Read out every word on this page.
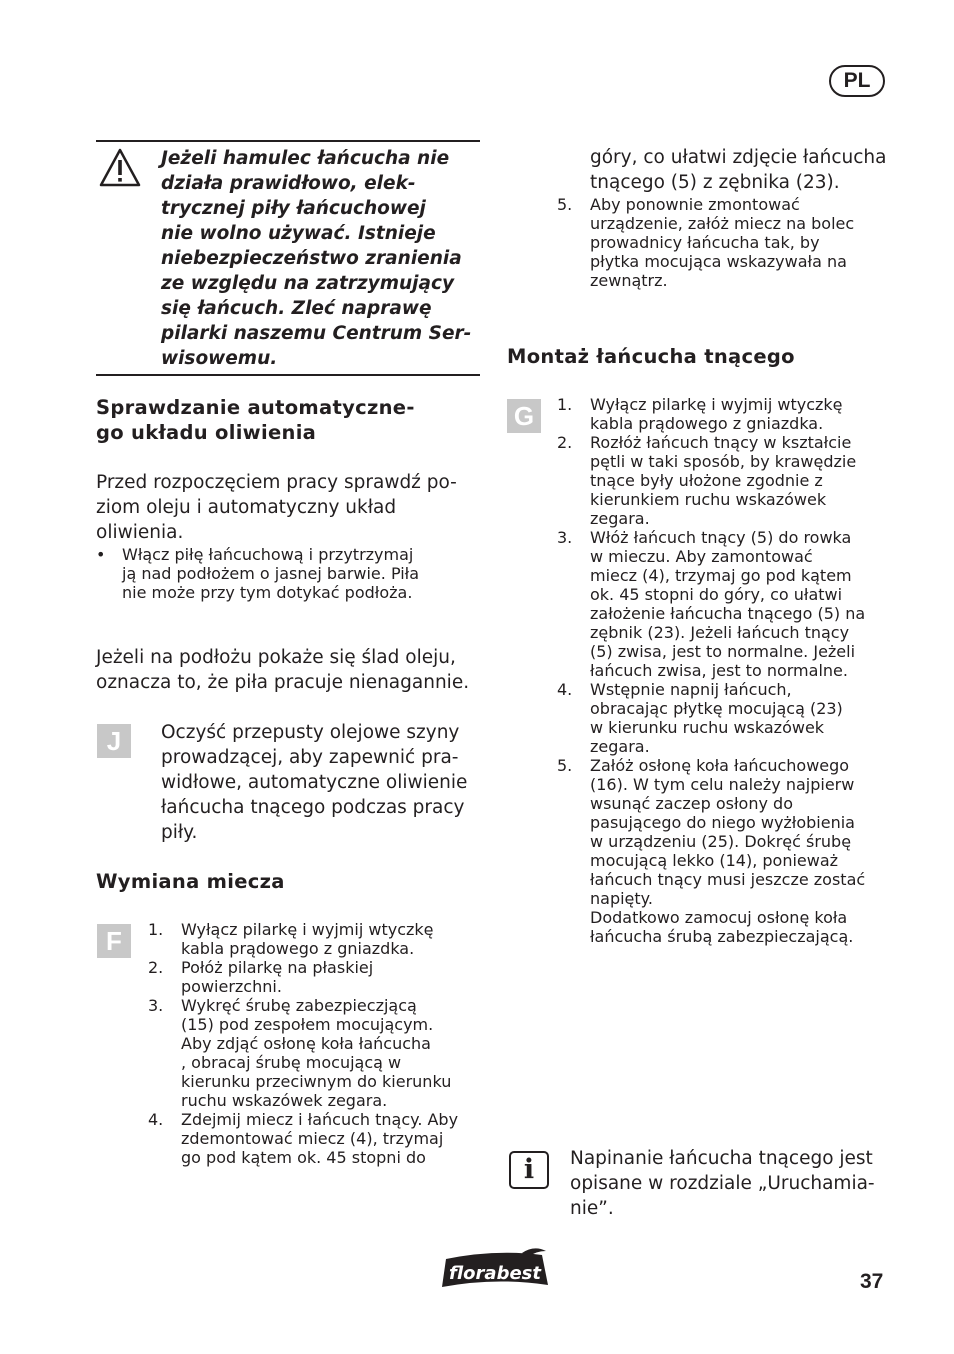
PL
Jeżeli hamulec łańcucha nie
działa prawidłowo, elek-
trycznej piły łańcuchowej
nie wolno używać. Istnieje
niebezpieczeństwo zranienia
ze względu na zatrzymujący
się łańcuch. Zleć naprawę
pilarki naszemu Centrum Ser-
wisowemu.
Sprawdzanie automatyczne-
go układu oliwienia

Przed rozpoczęciem pracy sprawdź po-
ziom oleju i automatyczny układ oliwienia.

• Włącz piłę łańcuchową i przytrzymaj
ją nad podłożem o jasnej barwie. Piła
nie może przy tym dotykać podłoża.

Jeżeli na podłożu pokaże się ślad oleju,
oznacza to, że piła pracuje nienagannie.

J	Oczyść przepusty olejowe szyny
prowadzącej, aby zapewnić pra-
widłowe, automatyczne oliwienie
łańcucha tnącego podczas pracy
piły.

Wymiana miecza
F	1. Wyłącz pilarkę i wyjmij wtyczkę
kabla prądowego z gniazdka.
2. Połóż pilarkę na płaskiej
powierzchni.
3. Wykręć śrubę zabezpieczjącą
(15) pod zespołem mocującym.
Aby zdjąć osłonę koła łańcucha
, obracaj śrubę mocującą w
kierunku przeciwnym do kierunku
ruchu wskazówek zegara.
4. Zdejmij miecz i łańcuch tnący. Aby
zdemontować miecz (4), trzymaj
go pod kątem ok. 45 stopni do
góry, co ułatwi zdjęcie łańcucha
tnącego (5) z zębnika (23).
5. Aby ponownie zmontować
urządzenie, załóż miecz na bolec
prowadnicy łańcucha tak, by
płytka mocująca wskazywała na
zewnątrz.
Montaż łańcucha tnącego
G	1. Wyłącz pilarkę i wyjmij wtyczkę
kabla prądowego z gniazdka.
2. Rozłóż łańcuch tnący w kształcie
pętli w taki sposób, by krawędzie
tnące były ułożone zgodnie z
kierunkiem ruchu wskazówek
zegara.
3. Włóż łańcuch tnący (5) do rowka
w mieczu. Aby zamontować
miecz (4), trzymaj go pod kątem
ok. 45 stopni do góry, co ułatwi
założenie łańcucha tnącego (5) na
zębnik (23). Jeżeli łańcuch tnący
(5) zwisa, jest to normalne. Jeżeli
łańcuch zwisa, jest to normalne.
4. Wstępnie napnij łańcuch,
obracając płytkę mocującą (23)
w kierunku ruchu wskazówek
zegara.
5. Załóż osłonę koła łańcuchowego
(16). W tym celu należy najpierw
wsunąć zaczep osłony do
pasującego do niego wyżłobienia
w urządzeniu (25). Dokręć śrubę
mocującą lekko (14), ponieważ
łańcuch tnący musi jeszcze zostać
napięty.
Dodatkowo zamocuj osłonę koła
łańcucha śrubą zabezpieczającą.
i	Napinanie łańcucha tnącego jest
opisane w rozdziale „Uruchamia-
nie”.

florabest	37
